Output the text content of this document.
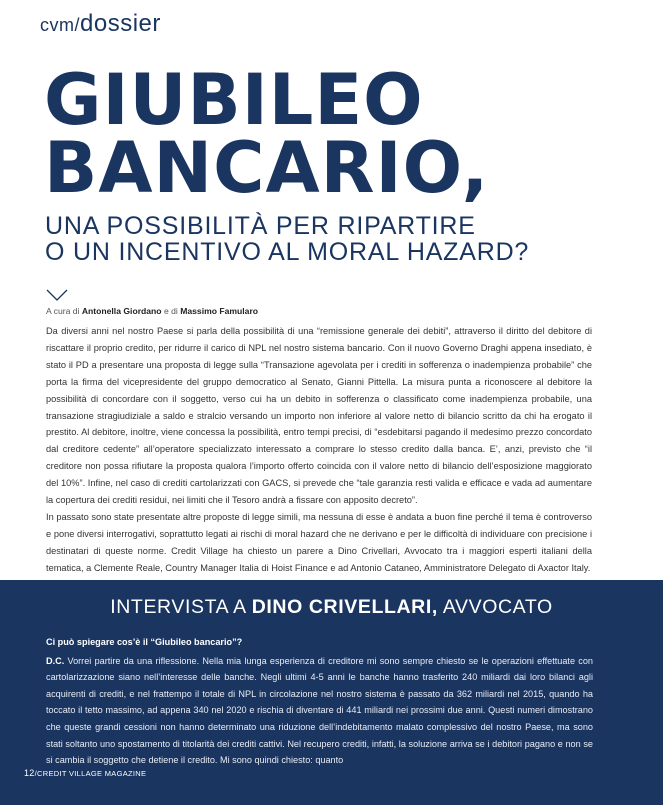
cvm/dossier
GIUBILEO
BANCARIO,
UNA POSSIBILITÀ PER RIPARTIRE
O UN INCENTIVO AL MORAL HAZARD?
A cura di Antonella Giordano e di Massimo Famularo

Da diversi anni nel nostro Paese si parla della possibilità di una “remissione generale dei debiti”, attraverso il diritto del debitore di riscattare il proprio credito, per ridurre il carico di NPL nel nostro sistema bancario. Con il nuovo Governo Draghi appena insediato, è stato il PD a presentare una proposta di legge sulla “Transazione agevolata per i crediti in sofferenza o inadempienza probabile” che porta la firma del vicepresidente del gruppo democratico al Senato, Gianni Pittella. La misura punta a riconoscere al debitore la possibilità di concordare con il soggetto, verso cui ha un debito in sofferenza o classificato come inadempienza probabile, una transazione stragiudiziale a saldo e stralcio versando un importo non inferiore al valore netto di bilancio scritto da chi ha erogato il prestito. Al debitore, inoltre, viene concessa la possibilità, entro tempi precisi, di “esdebitarsi pagando il medesimo prezzo concordato dal creditore cedente” all’operatore specializzato interessato a comprare lo stesso credito dalla banca. E’, anzi, previsto che “il creditore non possa rifiutare la proposta qualora l’importo offerto coincida con il valore netto di bilancio dell’esposizione maggiorato del 10%”. Infine, nel caso di crediti cartolarizzati con GACS, si prevede che “tale garanzia resti valida e efficace e vada ad aumentare la copertura dei crediti residui, nei limiti che il Tesoro andrà a fissare con apposito decreto”.

In passato sono state presentate altre proposte di legge simili, ma nessuna di esse è andata a buon fine perché il tema è controverso e pone diversi interrogativi, soprattutto legati ai rischi di moral hazard che ne derivano e per le difficoltà di individuare con precisione i destinatari di queste norme. Credit Village ha chiesto un parere a Dino Crivellari, Avvocato tra i maggiori esperti italiani della tematica, a Clemente Reale, Country Manager Italia di Hoist Finance e ad Antonio Cataneo, Amministratore Delegato di Axactor Italy.

INTERVISTA A DINO CRIVELLARI, AVVOCATO
Ci può spiegare cos’è il “Giubileo bancario”?

D.C. Vorrei partire da una riflessione. Nella mia lunga esperienza di creditore mi sono sempre chiesto se le operazioni effettuate con cartolarizzazione siano nell’interesse delle banche. Negli ultimi 4-5 anni le banche hanno trasferito 240 miliardi dai loro bilanci agli acquirenti di crediti, e nel frattempo il totale di NPL in circolazione nel nostro sistema è passato da 362 miliardi nel 2015, quando ha toccato il tetto massimo, ad appena 340 nel 2020 e rischia di diventare di 441 miliardi nei prossimi due anni. Questi numeri dimostrano che queste grandi cessioni non hanno determinato una riduzione dell’indebitamento malato complessivo del nostro Paese, ma sono stati soltanto uno spostamento di titolarità dei crediti cattivi. Nel recupero crediti, infatti, la soluzione arriva se i debitori pagano e non se si cambia il soggetto che detiene il credito. Mi sono quindi chiesto: quanto

12/CREDIT VILLAGE MAGAZINE
